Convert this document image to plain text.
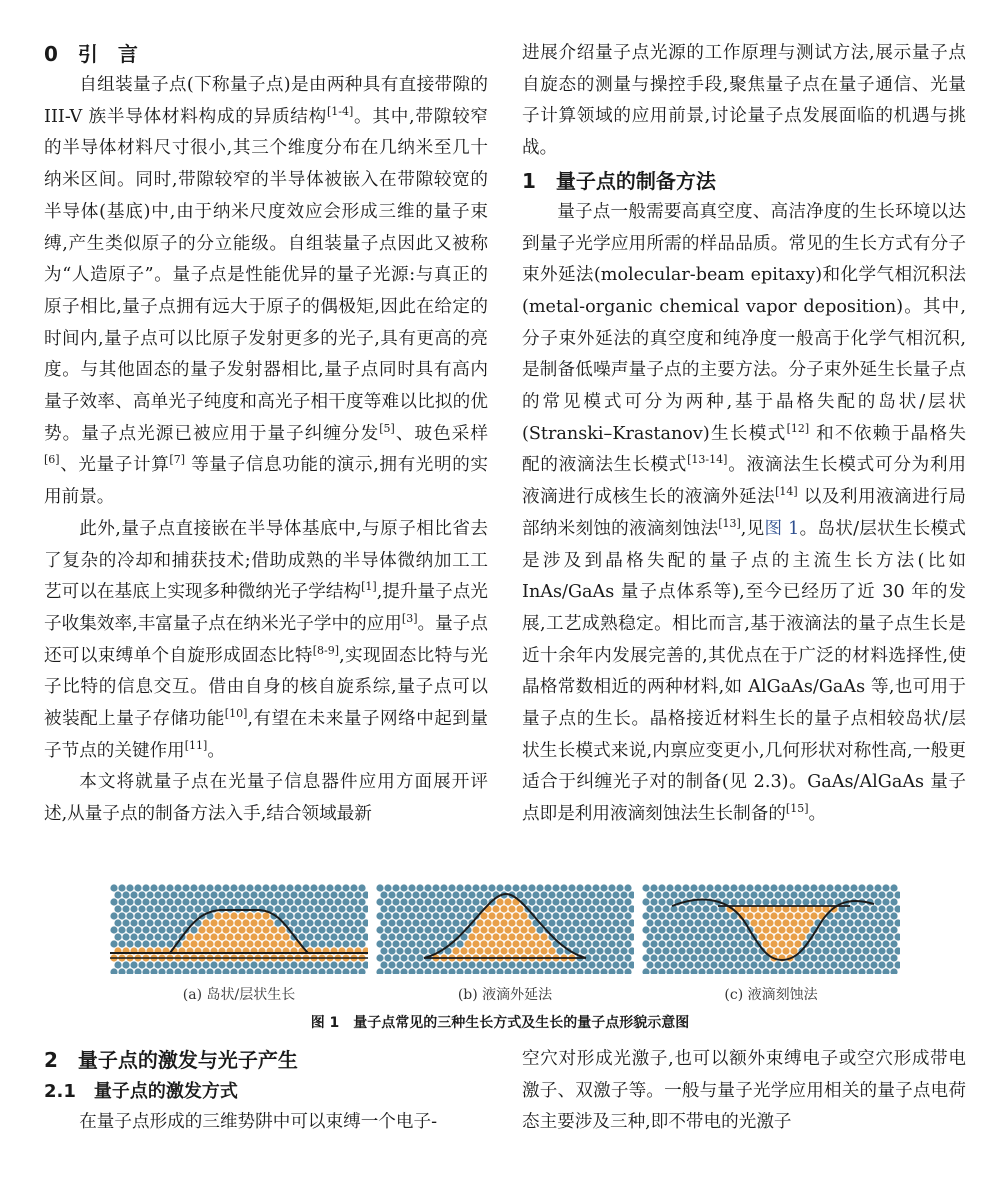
0　引　言

自组装量子点(下称量子点)是由两种具有直接带隙的 III-V 族半导体材料构成的异质结构[1-4]。其中,带隙较窄的半导体材料尺寸很小,其三个维度分布在几纳米至几十纳米区间。同时,带隙较窄的半导体被嵌入在带隙较宽的半导体(基底)中,由于纳米尺度效应会形成三维的量子束缚,产生类似原子的分立能级。自组装量子点因此又被称为“人造原子”。量子点是性能优异的量子光源:与真正的原子相比,量子点拥有远大于原子的偶极矩,因此在给定的时间内,量子点可以比原子发射更多的光子,具有更高的亮度。与其他固态的量子发射器相比,量子点同时具有高内量子效率、高单光子纯度和高光子相干度等难以比拟的优势。量子点光源已被应用于量子纠缠分发[5]、玻色采样[6]、光量子计算[7] 等量子信息功能的演示,拥有光明的实用前景。

此外,量子点直接嵌在半导体基底中,与原子相比省去了复杂的冷却和捕获技术;借助成熟的半导体微纳加工工艺可以在基底上实现多种微纳光子学结构[1],提升量子点光子收集效率,丰富量子点在纳米光子学中的应用[3]。量子点还可以束缚单个自旋形成固态比特[8-9],实现固态比特与光子比特的信息交互。借由自身的核自旋系综,量子点可以被装配上量子存储功能[10],有望在未来量子网络中起到量子节点的关键作用[11]。

本文将就量子点在光量子信息器件应用方面展开评述,从量子点的制备方法入手,结合领域最新

进展介绍量子点光源的工作原理与测试方法,展示量子点自旋态的测量与操控手段,聚焦量子点在量子通信、光量子计算领域的应用前景,讨论量子点发展面临的机遇与挑战。

1　量子点的制备方法

量子点一般需要高真空度、高洁净度的生长环境以达到量子光学应用所需的样品品质。常见的生长方式有分子束外延法(molecular-beam epitaxy)和化学气相沉积法(metal-organic chemical vapor deposition)。其中,分子束外延法的真空度和纯净度一般高于化学气相沉积,是制备低噪声量子点的主要方法。分子束外延生长量子点的常见模式可分为两种,基于晶格失配的岛状/层状(Stranski–Krastanov)生长模式[12] 和不依赖于晶格失配的液滴法生长模式[13-14]。液滴法生长模式可分为利用液滴进行成核生长的液滴外延法[14] 以及利用液滴进行局部纳米刻蚀的液滴刻蚀法[13],见图 1。岛状/层状生长模式是涉及到晶格失配的量子点的主流生长方法(比如 InAs/GaAs 量子点体系等),至今已经历了近 30 年的发展,工艺成熟稳定。相比而言,基于液滴法的量子点生长是近十余年内发展完善的,其优点在于广泛的材料选择性,使晶格常数相近的两种材料,如 AlGaAs/GaAs 等,也可用于量子点的生长。晶格接近材料生长的量子点相较岛状/层状生长模式来说,内禀应变更小,几何形状对称性高,一般更适合于纠缠光子对的制备(见 2.3)。GaAs/AlGaAs 量子点即是利用液滴刻蚀法生长制备的[15]。

(a) 岛状/层状生长	(b) 液滴外延法	(c) 液滴刻蚀法
图 1　量子点常见的三种生长方式及生长的量子点形貌示意图
2　量子点的激发与光子产生
2.1　量子点的激发方式

在量子点形成的三维势阱中可以束缚一个电子-

空穴对形成光激子,也可以额外束缚电子或空穴形成带电激子、双激子等。一般与量子光学应用相关的量子点电荷态主要涉及三种,即不带电的光激子
